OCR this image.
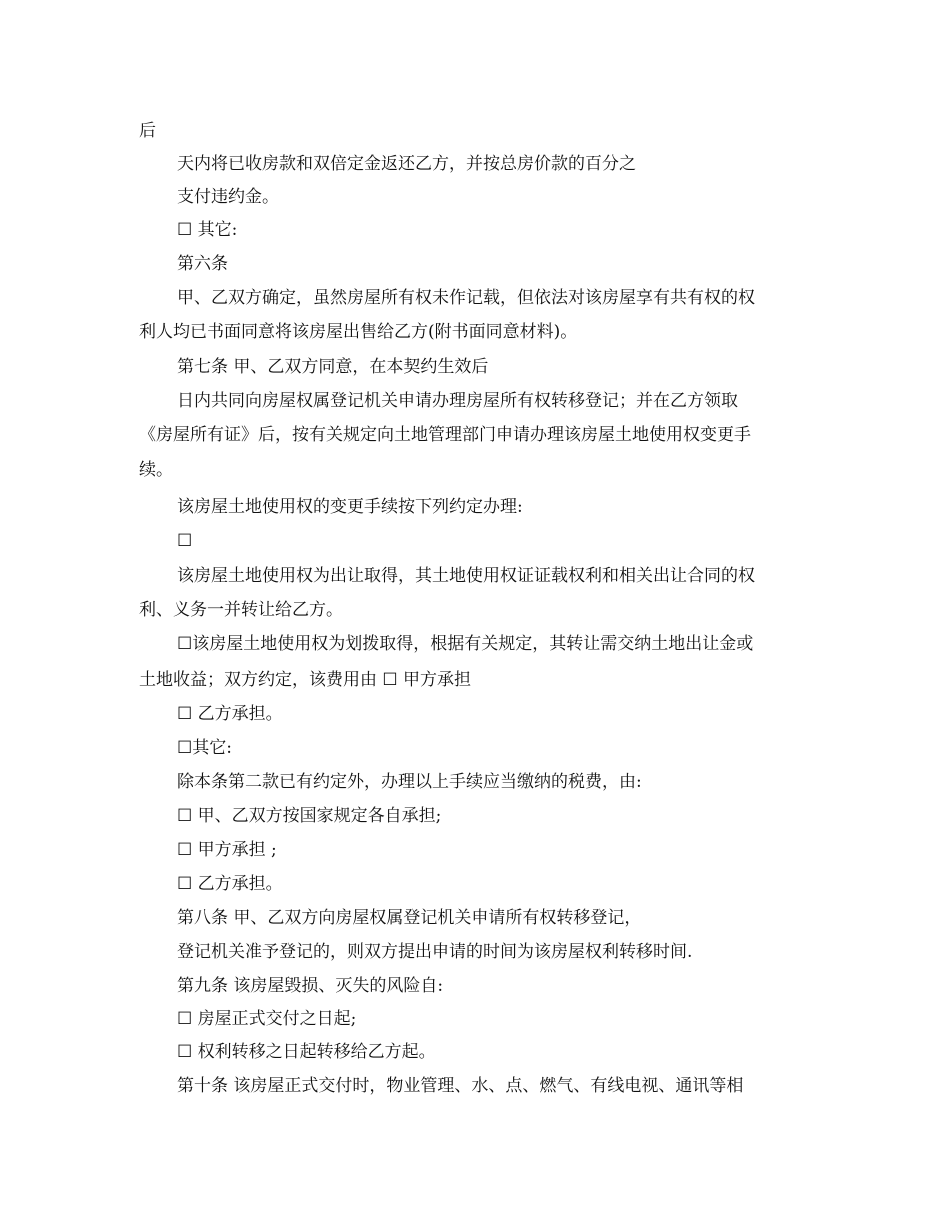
后
天内将已收房款和双倍定金返还乙方，并按总房价款的百分之
支付违约金。
☐ 其它:
第六条
甲、乙双方确定，虽然房屋所有权未作记载，但依法对该房屋享有共有权的权
利人均已书面同意将该房屋出售给乙方(附书面同意材料)。
第七条 甲、乙双方同意，在本契约生效后
日内共同向房屋权属登记机关申请办理房屋所有权转移登记；并在乙方领取
《房屋所有证》后，按有关规定向土地管理部门申请办理该房屋土地使用权变更手
续。
该房屋土地使用权的变更手续按下列约定办理:
☐
该房屋土地使用权为出让取得，其土地使用权证证载权利和相关出让合同的权
利、义务一并转让给乙方。
☐该房屋土地使用权为划拨取得，根据有关规定，其转让需交纳土地出让金或
土地收益；双方约定，该费用由 ☐ 甲方承担
☐ 乙方承担。
☐其它:
除本条第二款已有约定外，办理以上手续应当缴纳的税费，由:
☐ 甲、乙双方按国家规定各自承担;
☐ 甲方承担 ;
☐ 乙方承担。
第八条 甲、乙双方向房屋权属登记机关申请所有权转移登记，
登记机关准予登记的，则双方提出申请的时间为该房屋权利转移时间.
第九条 该房屋毁损、灭失的风险自:
☐ 房屋正式交付之日起;
☐ 权利转移之日起转移给乙方起。
第十条 该房屋正式交付时，物业管理、水、点、燃气、有线电视、通讯等相
